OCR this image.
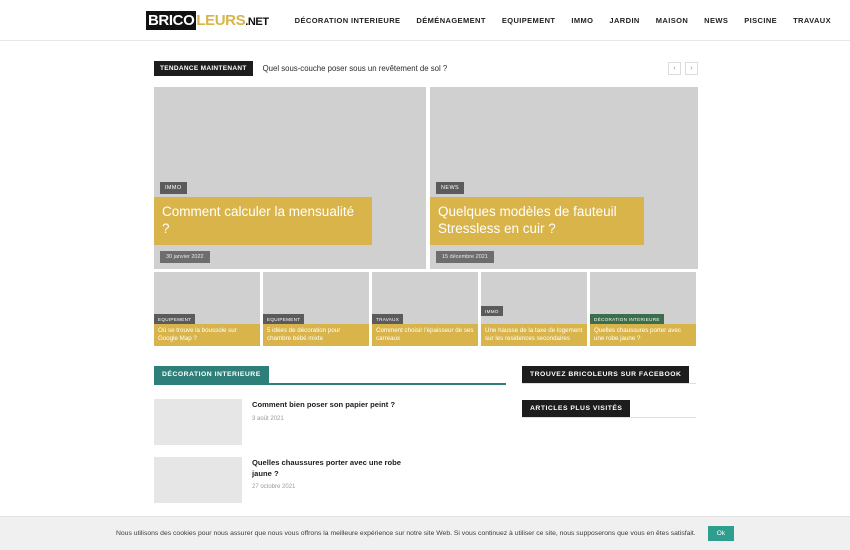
BRICO LEURS.NET	DÉCORATION INTERIEURE DÉMÉNAGEMENT EQUIPEMENT IMMO JARDIN MAISON NEWS PISCINE TRAVAUX
TENDANCE MAINTENANT	Quel sous-couche poser sous un revêtement de sol ?	‹	›
IMMO
Comment calculer la mensualité ?
30 janvier 2022
NEWS
Quelques modèles de fauteuil Stressless en cuir ?
15 décembre 2021
EQUIPEMENT
Où se trouve la boussole sur Google Map ?
EQUIPEMENT
5 idées de décoration pour chambre bébé mixte
TRAVAUX
Comment choisir l'épaisseur de ses carreaux
IMMO
Une hausse de la taxe de logement sur les residences secondaires
DÉCORATION INTERIEURE
Quelles chaussures porter avec une robe jaune ?
DÉCORATION INTERIEURE
Comment bien poser son papier peint ?
3 août 2021
Quelles chaussures porter avec une robe jaune ?
27 octobre 2021
TROUVEZ BRICOLEURS SUR FACEBOOK
ARTICLES PLUS VISITÉS
Nous utilisons des cookies pour nous assurer que nous vous offrons la meilleure expérience sur notre site Web. Si vous continuez à utiliser ce site, nous supposerons que vous en êtes satisfait.	Ok
